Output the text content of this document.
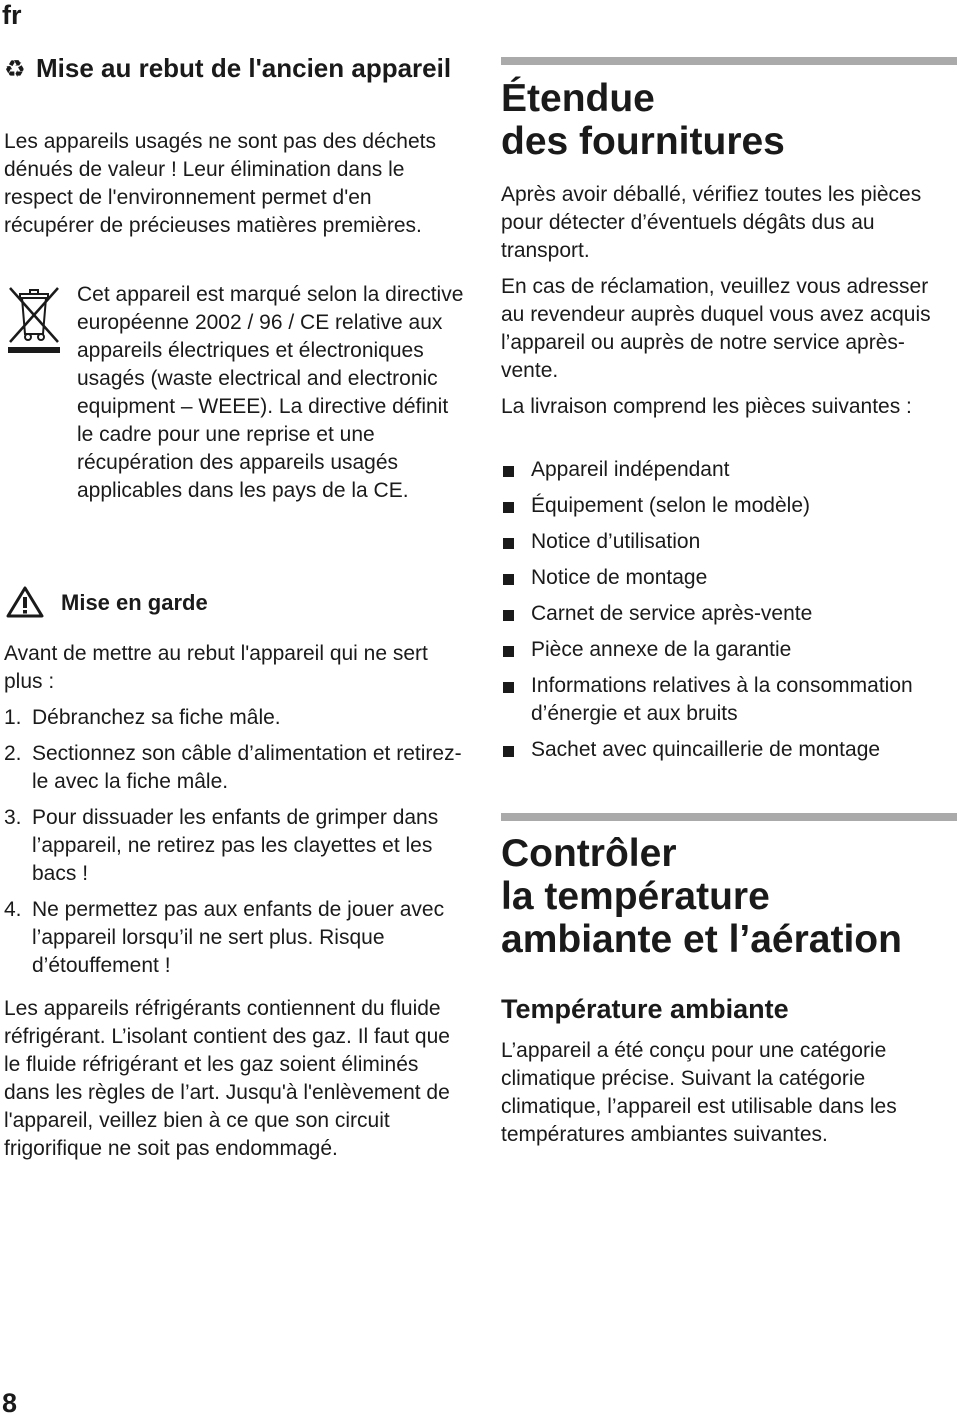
fr
♻ Mise au rebut de l'ancien appareil

Les appareils usagés ne sont pas des déchets dénués de valeur ! Leur élimination dans le respect de l'environnement permet d'en récupérer de précieuses matières premières.

Cet appareil est marqué selon la directive européenne 2002 / 96 / CE relative aux appareils électriques et électroniques usagés (waste electrical and electronic equipment – WEEE). La directive définit le cadre pour une reprise et une récupération des appareils usagés applicables dans les pays de la CE.

Mise en garde

Avant de mettre au rebut l'appareil qui ne sert plus :

1. Débranchez sa fiche mâle.
2. Sectionnez son câble d’alimentation et retirez-le avec la fiche mâle.
3. Pour dissuader les enfants de grimper dans l’appareil, ne retirez pas les clayettes et les bacs !
4. Ne permettez pas aux enfants de jouer avec l’appareil lorsqu’il ne sert plus. Risque d’étouffement !

Les appareils réfrigérants contiennent du fluide réfrigérant. L’isolant contient des gaz. Il faut que le fluide réfrigérant et les gaz soient éliminés dans les règles de l’art. Jusqu'à l'enlèvement de l'appareil, veillez bien à ce que son circuit frigorifique ne soit pas endommagé.

Étendue
des fournitures

Après avoir déballé, vérifiez toutes les pièces pour détecter d’éventuels dégâts dus au transport.

En cas de réclamation, veuillez vous adresser au revendeur auprès duquel vous avez acquis l’appareil ou auprès de notre service après-vente.

La livraison comprend les pièces suivantes :

Appareil indépendant
Équipement (selon le modèle)
Notice d’utilisation
Notice de montage
Carnet de service après-vente
Pièce annexe de la garantie
Informations relatives à la consommation d’énergie et aux bruits
Sachet avec quincaillerie de montage
Contrôler
la température
ambiante et l’aération
Température ambiante

L’appareil a été conçu pour une catégorie climatique précise. Suivant la catégorie climatique, l’appareil est utilisable dans les températures ambiantes suivantes.

8
